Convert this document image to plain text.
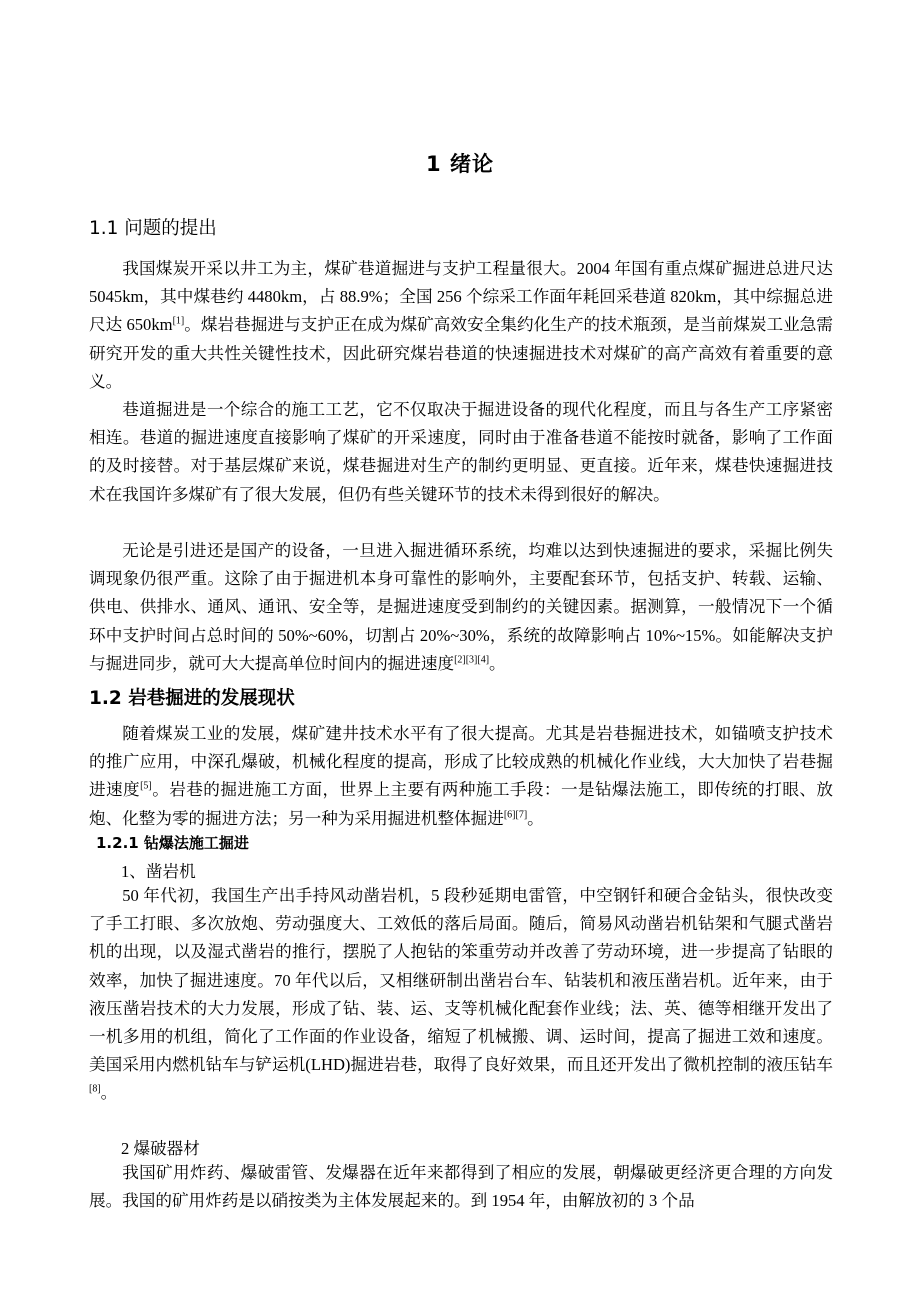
1 绪论
1.1 问题的提出

我国煤炭开采以井工为主，煤矿巷道掘进与支护工程量很大。2004 年国有重点煤矿掘进总进尺达 5045km，其中煤巷约 4480km，占 88.9%；全国 256 个综采工作面年耗回采巷道 820km，其中综掘总进尺达 650km[1]。煤岩巷掘进与支护正在成为煤矿高效安全集约化生产的技术瓶颈，是当前煤炭工业急需研究开发的重大共性关键性技术，因此研究煤岩巷道的快速掘进技术对煤矿的高产高效有着重要的意义。

巷道掘进是一个综合的施工工艺，它不仅取决于掘进设备的现代化程度，而且与各生产工序紧密相连。巷道的掘进速度直接影响了煤矿的开采速度，同时由于准备巷道不能按时就备，影响了工作面的及时接替。对于基层煤矿来说，煤巷掘进对生产的制约更明显、更直接。近年来，煤巷快速掘进技术在我国许多煤矿有了很大发展，但仍有些关键环节的技术未得到很好的解决。

无论是引进还是国产的设备，一旦进入掘进循环系统，均难以达到快速掘进的要求，采掘比例失调现象仍很严重。这除了由于掘进机本身可靠性的影响外，主要配套环节，包括支护、转载、运输、供电、供排水、通风、通讯、安全等，是掘进速度受到制约的关键因素。据测算，一般情况下一个循环中支护时间占总时间的 50%~60%，切割占 20%~30%，系统的故障影响占 10%~15%。如能解决支护与掘进同步，就可大大提高单位时间内的掘进速度[2][3][4]。

1.2 岩巷掘进的发展现状

随着煤炭工业的发展，煤矿建井技术水平有了很大提高。尤其是岩巷掘进技术，如锚喷支护技术的推广应用，中深孔爆破，机械化程度的提高，形成了比较成熟的机械化作业线，大大加快了岩巷掘进速度[5]。岩巷的掘进施工方面，世界上主要有两种施工手段：一是钻爆法施工，即传统的打眼、放炮、化整为零的掘进方法；另一种为采用掘进机整体掘进[6][7]。

1.2.1 钻爆法施工掘进
1、凿岩机

50 年代初，我国生产出手持风动凿岩机，5 段秒延期电雷管，中空钢钎和硬合金钻头，很快改变了手工打眼、多次放炮、劳动强度大、工效低的落后局面。随后，简易风动凿岩机钻架和气腿式凿岩机的出现，以及湿式凿岩的推行，摆脱了人抱钻的笨重劳动并改善了劳动环境，进一步提高了钻眼的效率，加快了掘进速度。70 年代以后，又相继研制出凿岩台车、钻装机和液压凿岩机。近年来，由于液压凿岩技术的大力发展，形成了钻、装、运、支等机械化配套作业线；法、英、德等相继开发出了一机多用的机组，简化了工作面的作业设备，缩短了机械搬、调、运时间，提高了掘进工效和速度。美国采用内燃机钻车与铲运机(LHD)掘进岩巷，取得了良好效果，而且还开发出了微机控制的液压钻车[8]。

2 爆破器材

我国矿用炸药、爆破雷管、发爆器在近年来都得到了相应的发展，朝爆破更经济更合理的方向发展。我国的矿用炸药是以硝按类为主体发展起来的。到 1954 年，由解放初的 3 个品
